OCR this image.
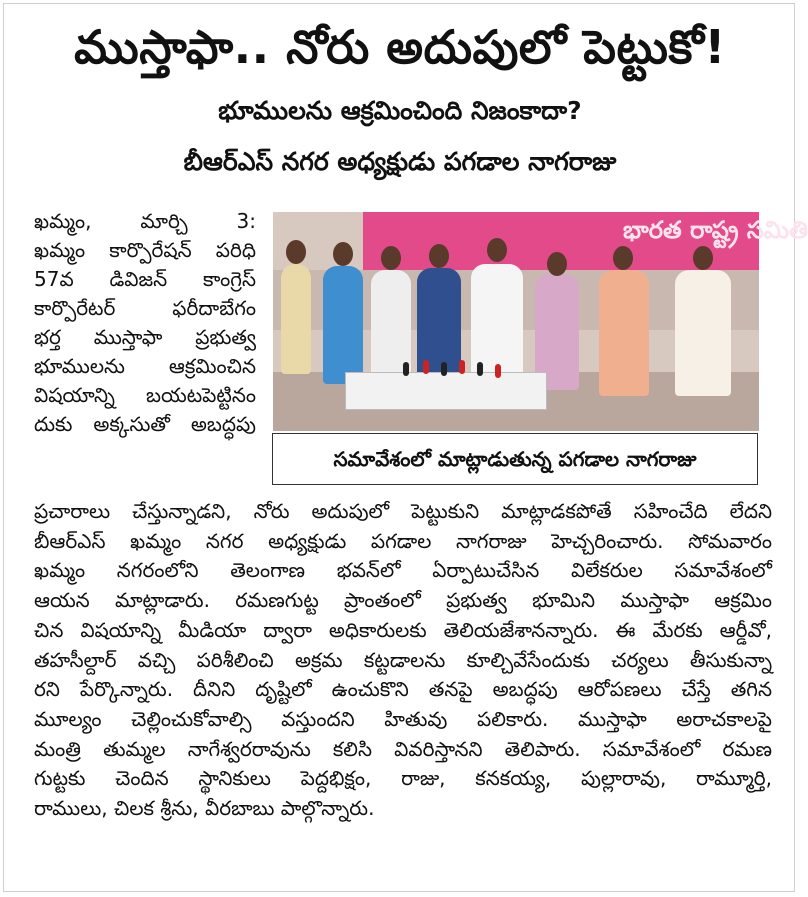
ముస్తాఫా.. నోరు అదుపులో పెట్టుకో!
భూములను ఆక్రమించింది నిజంకాదా?
బీఆర్ఎస్ నగర అధ్యక్షుడు పగడాల నాగరాజు
ఖమ్మం, మార్చి 3:
ఖమ్మం కార్పొరేషన్ పరిధి
57వ డివిజన్ కాంగ్రెస్
కార్పొరేటర్ ఫరీదాబేగం
భర్త ముస్తాఫా ప్రభుత్వ
భూములను ఆక్రమించిన
విషయాన్ని బయటపెట్టినం
దుకు అక్కసుతో అబద్ధపు
భారత రాష్ట్ర సమితి
సమావేశంలో మాట్లాడుతున్న పగడాల నాగరాజు
ప్రచారాలు చేస్తున్నాడని, నోరు అదుపులో పెట్టుకుని మాట్లాడకపోతే సహించేది లేదని
బీఆర్ఎస్ ఖమ్మం నగర అధ్యక్షుడు పగడాల నాగరాజు హెచ్చరించారు. సోమవారం
ఖమ్మం నగరంలోని తెలంగాణ భవన్‌లో ఏర్పాటుచేసిన విలేకరుల సమావేశంలో
ఆయన మాట్లాడారు. రమణగుట్ట ప్రాంతంలో ప్రభుత్వ భూమిని ముస్తాఫా ఆక్రమిం
చిన విషయాన్ని మీడియా ద్వారా అధికారులకు తెలియజేశానన్నారు. ఈ మేరకు ఆర్డీవో,
తహసీల్దార్ వచ్చి పరిశీలించి అక్రమ కట్టడాలను కూల్చివేసేందుకు చర్యలు తీసుకున్నా
రని పేర్కొన్నారు. దీనిని దృష్టిలో ఉంచుకొని తనపై అబద్ధపు ఆరోపణలు చేస్తే తగిన
మూల్యం చెల్లించుకోవాల్సి వస్తుందని హితువు పలికారు. ముస్తాఫా అరాచకాలపై
మంత్రి తుమ్మల నాగేశ్వరరావును కలిసి వివరిస్తానని తెలిపారు. సమావేశంలో రమణ
గుట్టకు చెందిన స్థానికులు పెద్దభిక్షం, రాజు, కనకయ్య, పుల్లారావు, రామ్మూర్తి,
రాములు, చిలక శ్రీను, వీరబాబు పాల్గొన్నారు.
